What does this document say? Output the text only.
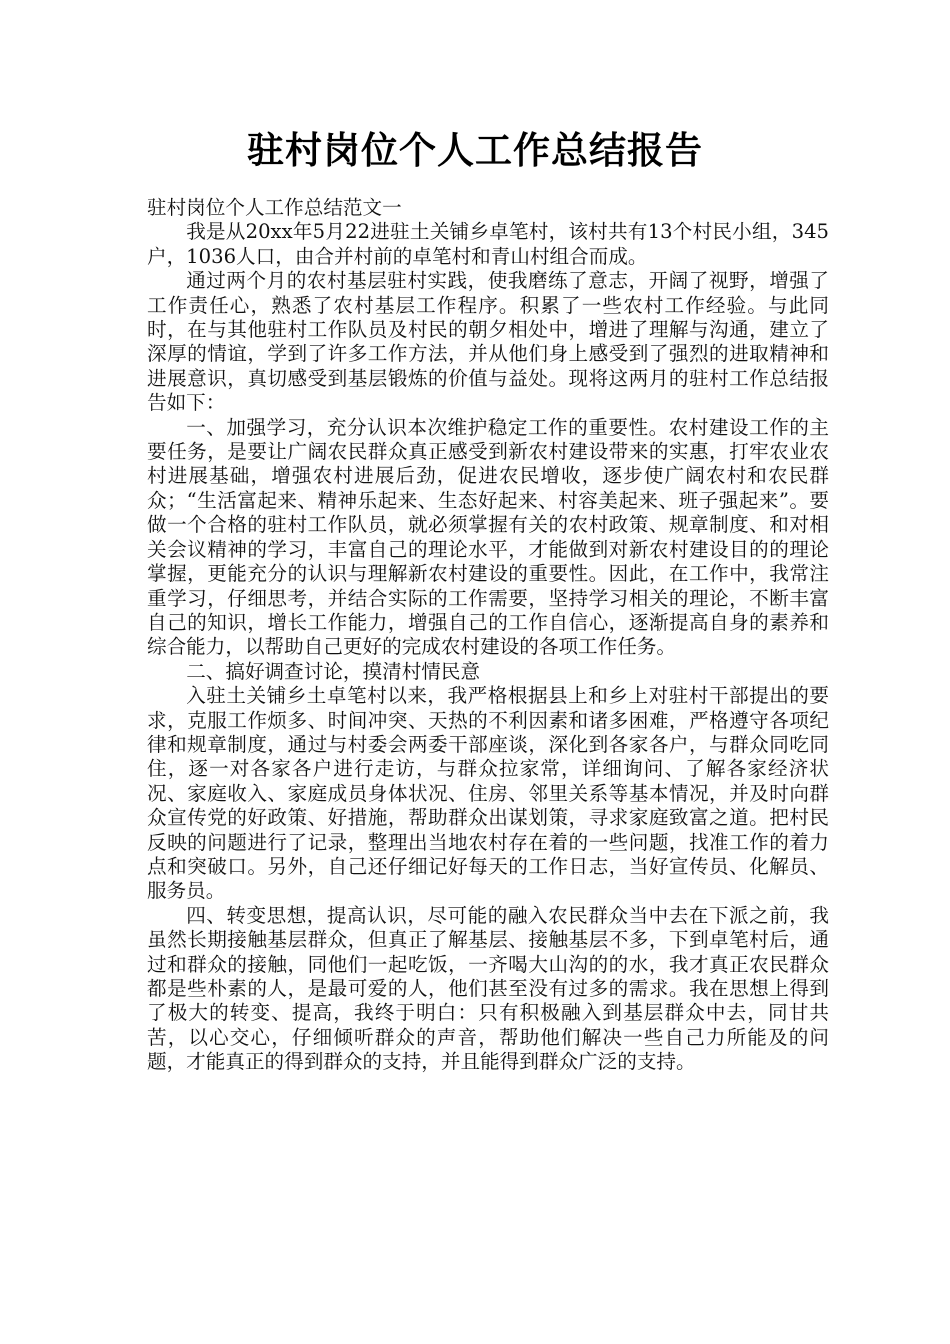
驻村岗位个人工作总结报告

驻村岗位个人工作总结范文一

我是从20xx年5月22进驻土关铺乡卓笔村，该村共有13个村民小组，345户，1036人口，由合并村前的卓笔村和青山村组合而成。

通过两个月的农村基层驻村实践，使我磨练了意志，开阔了视野，增强了工作责任心，熟悉了农村基层工作程序。积累了一些农村工作经验。与此同时，在与其他驻村工作队员及村民的朝夕相处中，增进了理解与沟通，建立了深厚的情谊，学到了许多工作方法，并从他们身上感受到了强烈的进取精神和进展意识，真切感受到基层锻炼的价值与益处。现将这两月的驻村工作总结报告如下：

一、加强学习，充分认识本次维护稳定工作的重要性。农村建设工作的主要任务，是要让广阔农民群众真正感受到新农村建设带来的实惠，打牢农业农村进展基础，增强农村进展后劲，促进农民增收，逐步使广阔农村和农民群众；“生活富起来、精神乐起来、生态好起来、村容美起来、班子强起来”。要做一个合格的驻村工作队员，就必须掌握有关的农村政策、规章制度、和对相关会议精神的学习，丰富自己的理论水平，才能做到对新农村建设目的的理论掌握，更能充分的认识与理解新农村建设的重要性。因此，在工作中，我常注重学习，仔细思考，并结合实际的工作需要，坚持学习相关的理论，不断丰富自己的知识，增长工作能力，增强自己的工作自信心，逐渐提高自身的素养和综合能力，以帮助自己更好的完成农村建设的各项工作任务。

二、搞好调查讨论，摸清村情民意

入驻土关铺乡土卓笔村以来，我严格根据县上和乡上对驻村干部提出的要求，克服工作烦多、时间冲突、天热的不利因素和诸多困难，严格遵守各项纪律和规章制度，通过与村委会两委干部座谈，深化到各家各户，与群众同吃同住，逐一对各家各户进行走访，与群众拉家常，详细询问、了解各家经济状况、家庭收入、家庭成员身体状况、住房、邻里关系等基本情况，并及时向群众宣传党的好政策、好措施，帮助群众出谋划策，寻求家庭致富之道。把村民反映的问题进行了记录，整理出当地农村存在着的一些问题，找准工作的着力点和突破口。另外，自己还仔细记好每天的工作日志，当好宣传员、化解员、服务员。

四、转变思想，提高认识，尽可能的融入农民群众当中去在下派之前，我虽然长期接触基层群众，但真正了解基层、接触基层不多，下到卓笔村后，通过和群众的接触，同他们一起吃饭，一齐喝大山沟的的水，我才真正农民群众都是些朴素的人，是最可爱的人，他们甚至没有过多的需求。我在思想上得到了极大的转变、提高，我终于明白：只有积极融入到基层群众中去，同甘共苦，以心交心，仔细倾听群众的声音，帮助他们解决一些自己力所能及的问题，才能真正的得到群众的支持，并且能得到群众广泛的支持。
